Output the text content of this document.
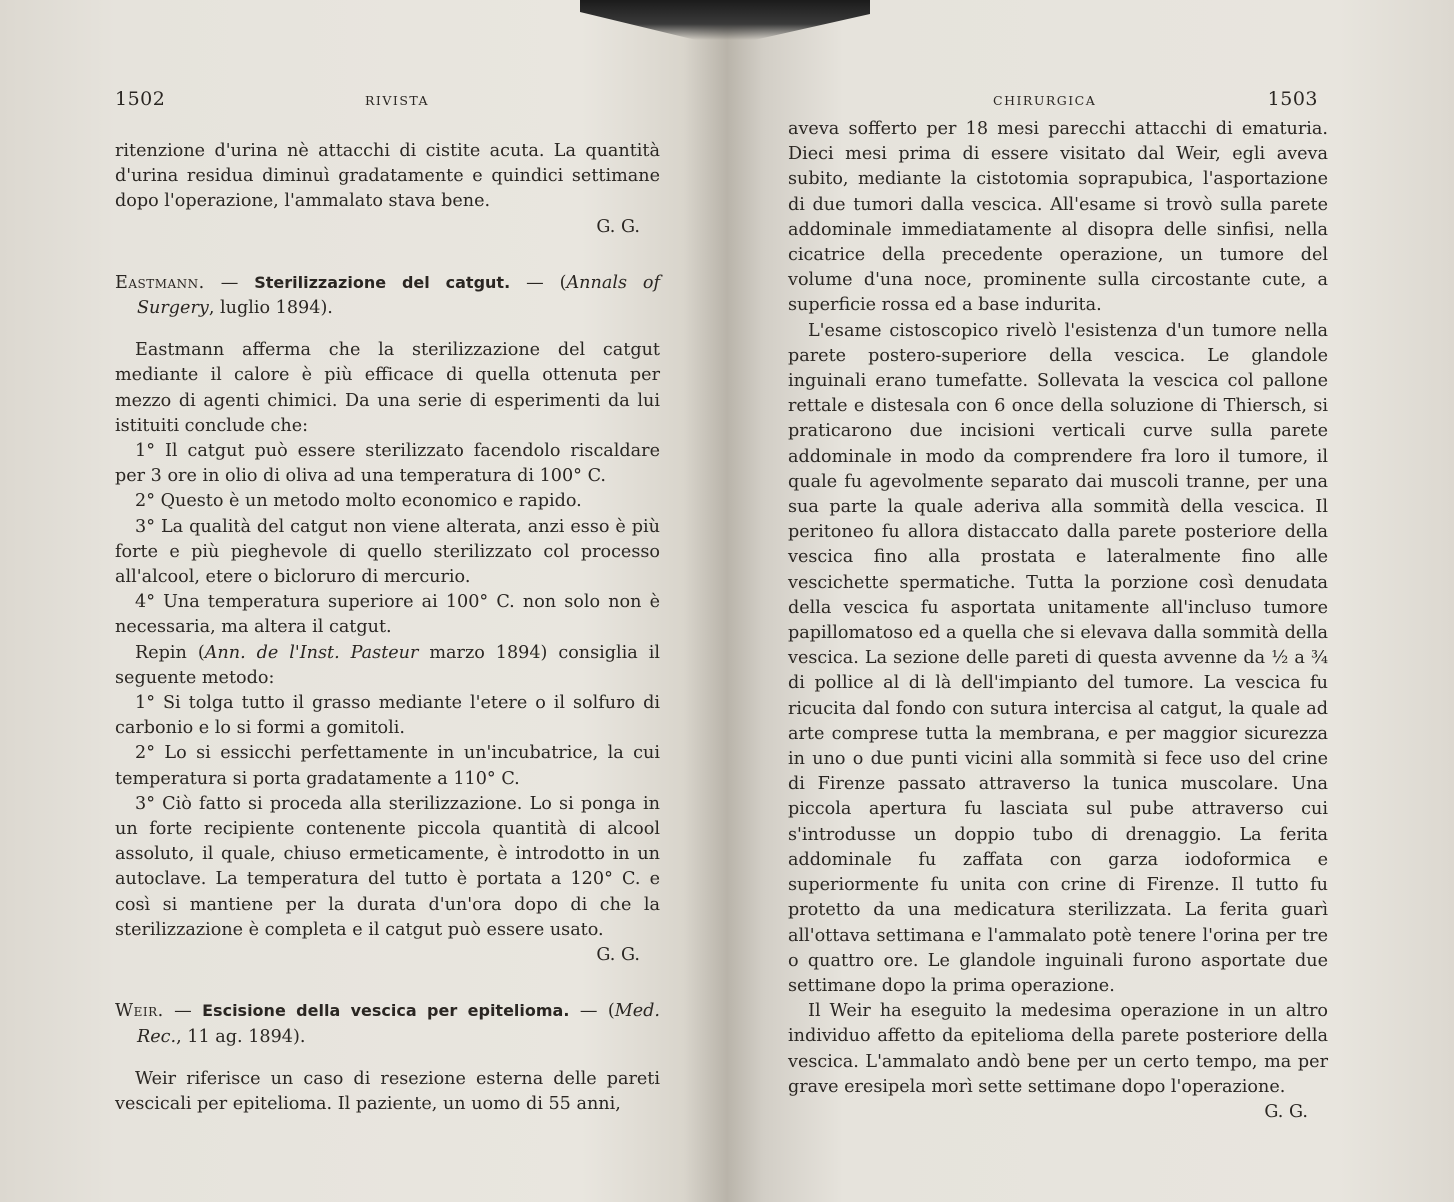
1502	RIVISTA

ritenzione d'urina nè attacchi di cistite acuta. La quantità d'urina residua diminuì gradatamente e quindici settimane dopo l'operazione, l'ammalato stava bene.

G. G.

Eastmann. — Sterilizzazione del catgut. — (Annals of Surgery, luglio 1894).

Eastmann afferma che la sterilizzazione del catgut mediante il calore è più efficace di quella ottenuta per mezzo di agenti chimici. Da una serie di esperimenti da lui istituiti conclude che:

1° Il catgut può essere sterilizzato facendolo riscaldare per 3 ore in olio di oliva ad una temperatura di 100° C.

2° Questo è un metodo molto economico e rapido.

3° La qualità del catgut non viene alterata, anzi esso è più forte e più pieghevole di quello sterilizzato col processo all'alcool, etere o bicloruro di mercurio.

4° Una temperatura superiore ai 100° C. non solo non è necessaria, ma altera il catgut.

Repin (Ann. de l'Inst. Pasteur marzo 1894) consiglia il seguente metodo:

1° Si tolga tutto il grasso mediante l'etere o il solfuro di carbonio e lo si formi a gomitoli.

2° Lo si essicchi perfettamente in un'incubatrice, la cui temperatura si porta gradatamente a 110° C.

3° Ciò fatto si proceda alla sterilizzazione. Lo si ponga in un forte recipiente contenente piccola quantità di alcool assoluto, il quale, chiuso ermeticamente, è introdotto in un autoclave. La temperatura del tutto è portata a 120° C. e così si mantiene per la durata d'un'ora dopo di che la sterilizzazione è completa e il catgut può essere usato.

G. G.

Weir. — Escisione della vescica per epitelioma. — (Med. Rec., 11 ag. 1894).

Weir riferisce un caso di resezione esterna delle pareti vescicali per epitelioma. Il paziente, un uomo di 55 anni,

CHIRURGICA	1503

aveva sofferto per 18 mesi parecchi attacchi di ematuria. Dieci mesi prima di essere visitato dal Weir, egli aveva subito, mediante la cistotomia soprapubica, l'asportazione di due tumori dalla vescica. All'esame si trovò sulla parete addominale immediatamente al disopra delle sinfisi, nella cicatrice della precedente operazione, un tumore del volume d'una noce, prominente sulla circostante cute, a superficie rossa ed a base indurita.

L'esame cistoscopico rivelò l'esistenza d'un tumore nella parete postero-superiore della vescica. Le glandole inguinali erano tumefatte. Sollevata la vescica col pallone rettale e distesala con 6 once della soluzione di Thiersch, si praticarono due incisioni verticali curve sulla parete addominale in modo da comprendere fra loro il tumore, il quale fu agevolmente separato dai muscoli tranne, per una sua parte la quale aderiva alla sommità della vescica. Il peritoneo fu allora distaccato dalla parete posteriore della vescica fino alla prostata e lateralmente fino alle vescichette spermatiche. Tutta la porzione così denudata della vescica fu asportata unitamente all'incluso tumore papillomatoso ed a quella che si elevava dalla sommità della vescica. La sezione delle pareti di questa avvenne da ½ a ¾ di pollice al di là dell'impianto del tumore. La vescica fu ricucita dal fondo con sutura intercisa al catgut, la quale ad arte comprese tutta la membrana, e per maggior sicurezza in uno o due punti vicini alla sommità si fece uso del crine di Firenze passato attraverso la tunica muscolare. Una piccola apertura fu lasciata sul pube attraverso cui s'introdusse un doppio tubo di drenaggio. La ferita addominale fu zaffata con garza iodoformica e superiormente fu unita con crine di Firenze. Il tutto fu protetto da una medicatura sterilizzata. La ferita guarì all'ottava settimana e l'ammalato potè tenere l'orina per tre o quattro ore. Le glandole inguinali furono asportate due settimane dopo la prima operazione.

Il Weir ha eseguito la medesima operazione in un altro individuo affetto da epitelioma della parete posteriore della vescica. L'ammalato andò bene per un certo tempo, ma per grave eresipela morì sette settimane dopo l'operazione.

G. G.
